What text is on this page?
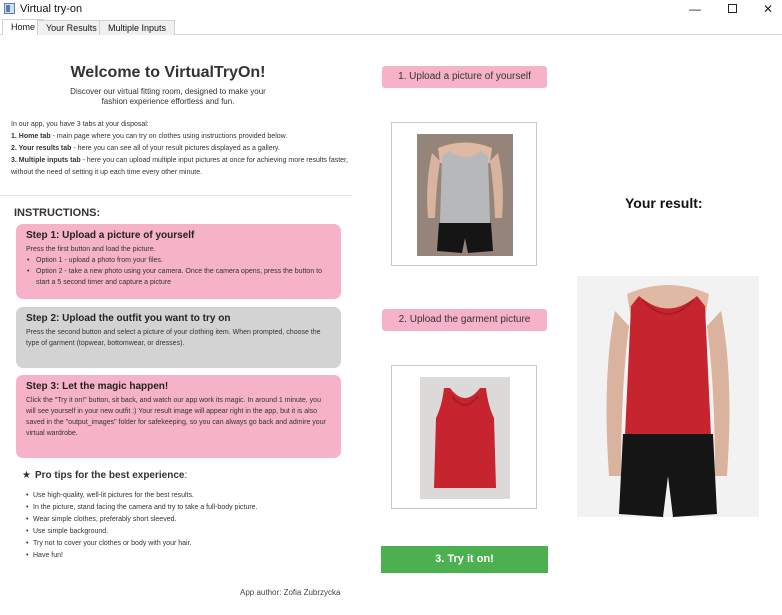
Virtual try-on	—	✕
Home	Your Results	Multiple Inputs
Welcome to VirtualTryOn!
Discover our virtual fitting room, designed to make your fashion experience effortless and fun.
In our app, you have 3 tabs at your disposal:
1. Home tab - main page where you can try on clothes using instructions provided below.
2. Your results tab - here you can see all of your result pictures displayed as a gallery.
3. Multiple inputs tab - here you can upload multiple input pictures at once for achieving more results faster, without the need of setting it up each time every other minute.
INSTRUCTIONS:
Step 1: Upload a picture of yourself
Press the first button and load the picture.
• Option 1 - upload a photo from your files.
• Option 2 - take a new photo using your camera. Once the camera opens, press the button to start a 5 second timer and capture a picture
Step 2: Upload the outfit you want to try on
Press the second button and select a picture of your clothing item. When prompted, choose the type of garment (topwear, bottomwear, or dresses).
Step 3: Let the magic happen!
Click the "Try it on!" button, sit back, and watch our app work its magic. In around 1 minute, you will see yourself in your new outfit :) Your result image will appear right in the app, but it is also saved in the "output_images" folder for safekeeping, so you can always go back and admire your virtual wardrobe.
★ Pro tips for the best experience:
• Use high-quality, well-lit pictures for the best results.
• In the picture, stand facing the camera and try to take a full-body picture.
• Wear simple clothes, preferably short sleeved.
• Use simple background.
• Try not to cover your clothes or body with your hair.
• Have fun!
App author: Zofia Zubrzycka
1. Upload a picture of yourself
2. Upload the garment picture
3. Try it on!
Your result:
